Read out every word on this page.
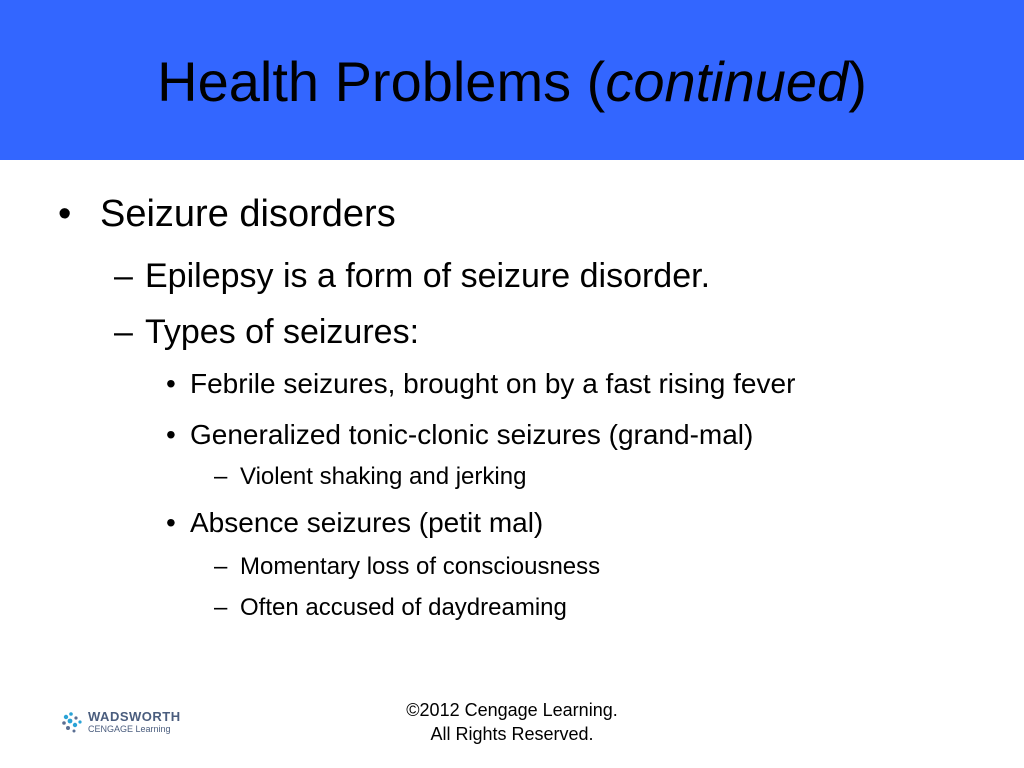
Health Problems (continued)
• Seizure disorders
– Epilepsy is a form of seizure disorder.
– Types of seizures:
• Febrile seizures, brought on by a fast rising fever
• Generalized tonic-clonic seizures (grand-mal)
– Violent shaking and jerking
• Absence seizures (petit mal)
– Momentary loss of consciousness
– Often accused of daydreaming
WADSWORTH
CENGAGE Learning
©2012 Cengage Learning.
All Rights Reserved.
